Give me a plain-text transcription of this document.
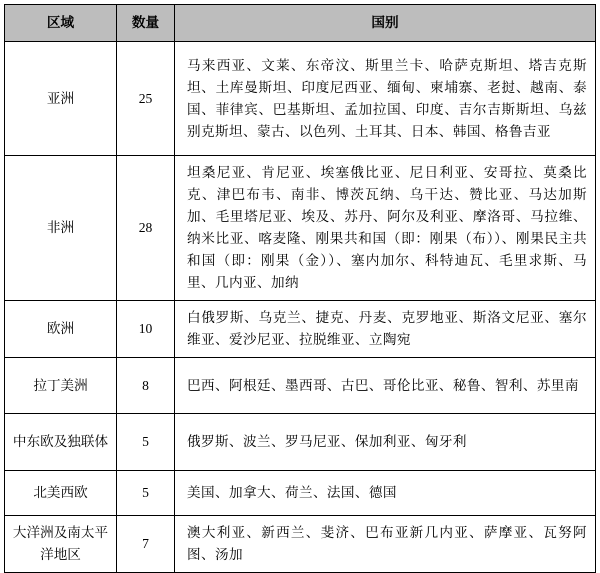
区域	数量	国别
亚洲	25	马来西亚、文莱、东帝汶、斯里兰卡、哈萨克斯坦、塔吉克斯坦、土库曼斯坦、印度尼西亚、缅甸、柬埔寨、老挝、越南、泰国、菲律宾、巴基斯坦、孟加拉国、印度、吉尔吉斯斯坦、乌兹别克斯坦、蒙古、以色列、土耳其、日本、韩国、格鲁吉亚
非洲	28	坦桑尼亚、肯尼亚、埃塞俄比亚、尼日利亚、安哥拉、莫桑比克、津巴布韦、南非、博茨瓦纳、乌干达、赞比亚、马达加斯加、毛里塔尼亚、埃及、苏丹、阿尔及利亚、摩洛哥、马拉维、纳米比亚、喀麦隆、刚果共和国（即：刚果（布））、刚果民主共和国（即：刚果（金））、塞内加尔、科特迪瓦、毛里求斯、马里、几内亚、加纳
欧洲	10	白俄罗斯、乌克兰、捷克、丹麦、克罗地亚、斯洛文尼亚、塞尔维亚、爱沙尼亚、拉脱维亚、立陶宛
拉丁美洲	8	巴西、阿根廷、墨西哥、古巴、哥伦比亚、秘鲁、智利、苏里南
中东欧及独联体	5	俄罗斯、波兰、罗马尼亚、保加利亚、匈牙利
北美西欧	5	美国、加拿大、荷兰、法国、德国
大洋洲及南太平洋地区	7	澳大利亚、新西兰、斐济、巴布亚新几内亚、萨摩亚、瓦努阿图、汤加
